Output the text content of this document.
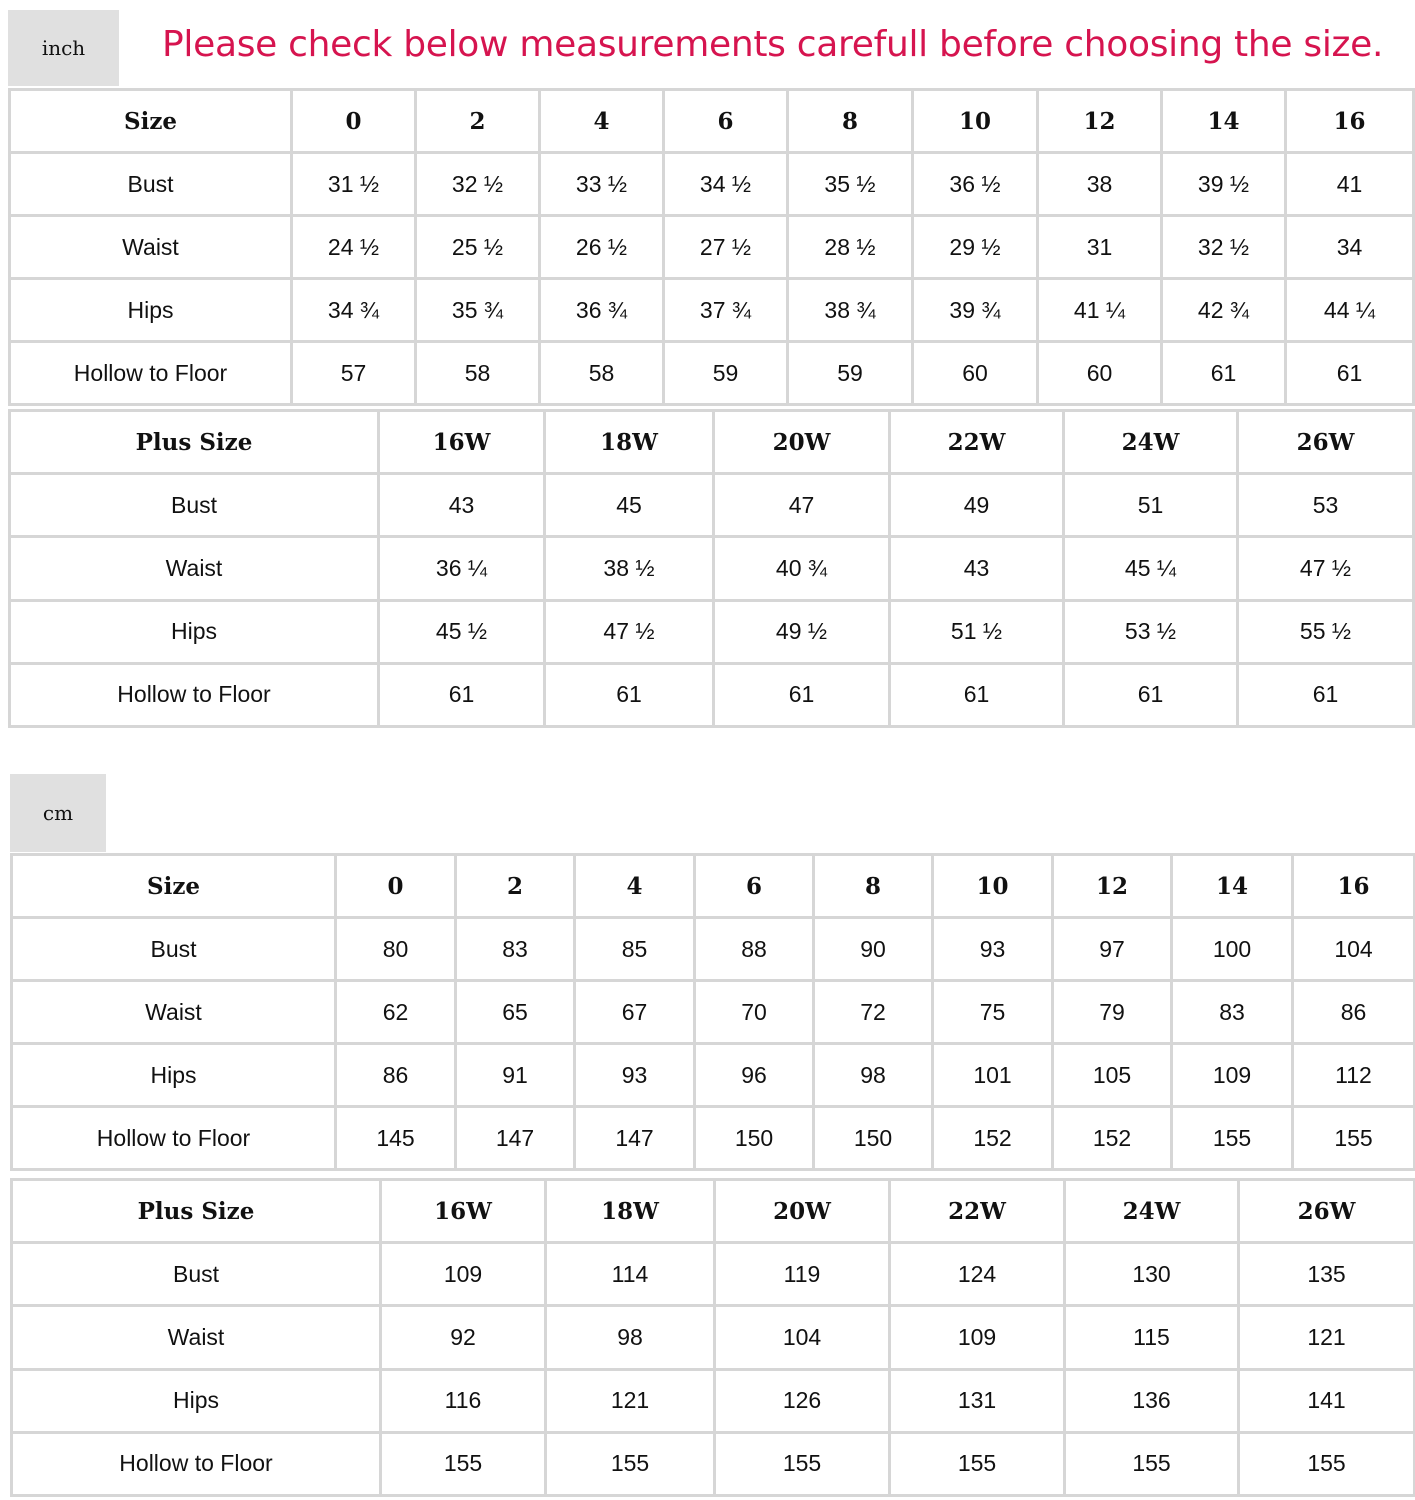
inch	Please check below measurements carefull before choosing the size.
cm
Size	0	2	4	6	8	10	12	14	16
Bust	31 ½	32 ½	33 ½	34 ½	35 ½	36 ½	38	39 ½	41
Waist	24 ½	25 ½	26 ½	27 ½	28 ½	29 ½	31	32 ½	34
Hips	34 ¾	35 ¾	36 ¾	37 ¾	38 ¾	39 ¾	41 ¼	42 ¾	44 ¼
Hollow to Floor	57	58	58	59	59	60	60	61	61
Plus Size	16W	18W	20W	22W	24W	26W
Bust	43	45	47	49	51	53
Waist	36 ¼	38 ½	40 ¾	43	45 ¼	47 ½
Hips	45 ½	47 ½	49 ½	51 ½	53 ½	55 ½
Hollow to Floor	61	61	61	61	61	61
Size	0	2	4	6	8	10	12	14	16
Bust	80	83	85	88	90	93	97	100	104
Waist	62	65	67	70	72	75	79	83	86
Hips	86	91	93	96	98	101	105	109	112
Hollow to Floor	145	147	147	150	150	152	152	155	155
Plus Size	16W	18W	20W	22W	24W	26W
Bust	109	114	119	124	130	135
Waist	92	98	104	109	115	121
Hips	116	121	126	131	136	141
Hollow to Floor	155	155	155	155	155	155
